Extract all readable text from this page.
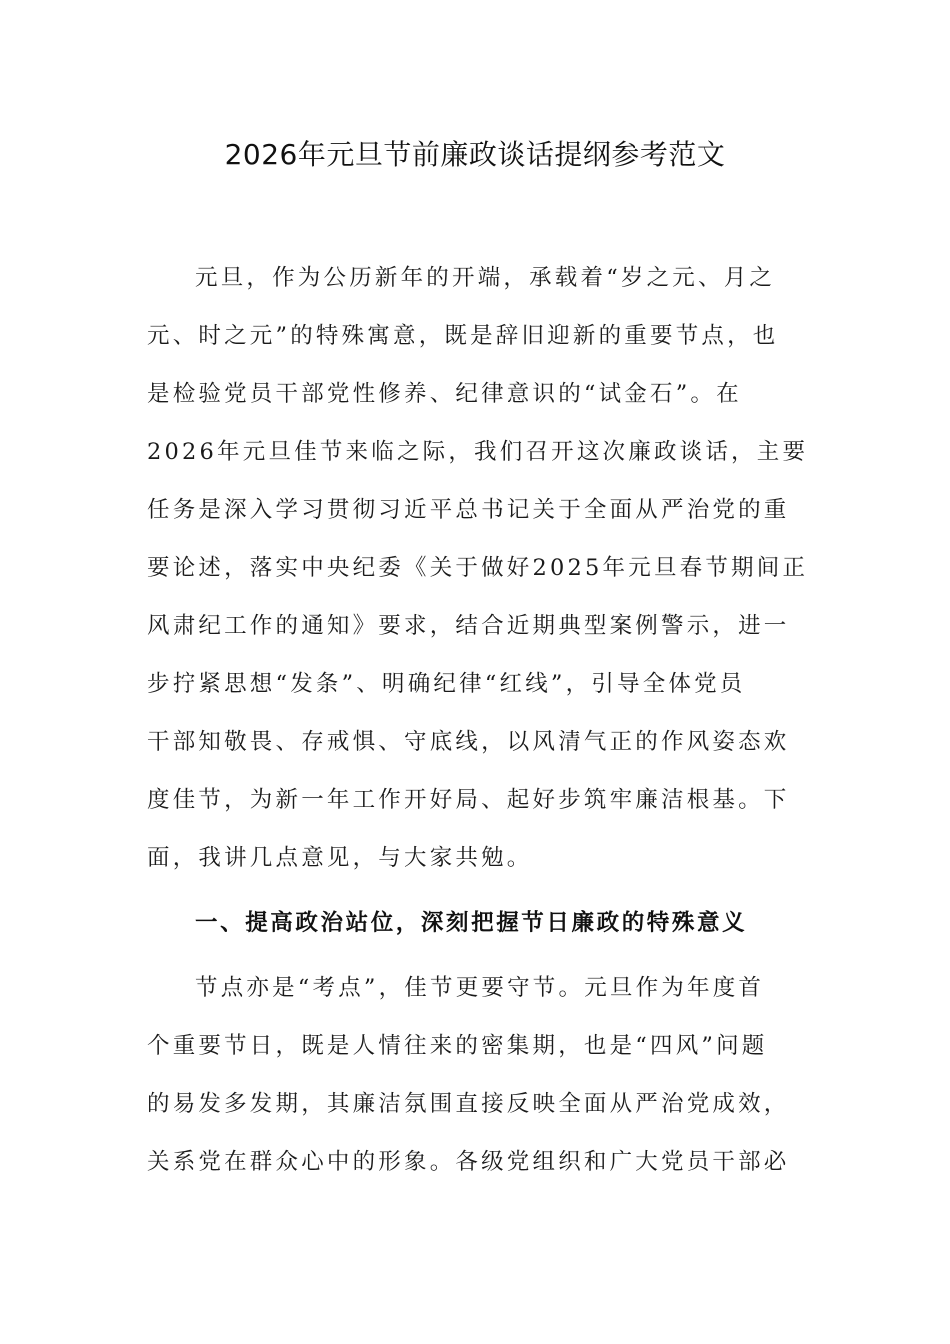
2026年元旦节前廉政谈话提纲参考范文
元旦，作为公历新年的开端，承载着“岁之元、月之
元、时之元”的特殊寓意，既是辞旧迎新的重要节点，也
是检验党员干部党性修养、纪律意识的“试金石”。在
2026年元旦佳节来临之际，我们召开这次廉政谈话，主要
任务是深入学习贯彻习近平总书记关于全面从严治党的重
要论述，落实中央纪委《关于做好2025年元旦春节期间正
风肃纪工作的通知》要求，结合近期典型案例警示，进一
步拧紧思想“发条”、明确纪律“红线”，引导全体党员
干部知敬畏、存戒惧、守底线，以风清气正的作风姿态欢
度佳节，为新一年工作开好局、起好步筑牢廉洁根基。下
面，我讲几点意见，与大家共勉。
一、提高政治站位，深刻把握节日廉政的特殊意义
节点亦是“考点”，佳节更要守节。元旦作为年度首
个重要节日，既是人情往来的密集期，也是“四风”问题
的易发多发期，其廉洁氛围直接反映全面从严治党成效，
关系党在群众心中的形象。各级党组织和广大党员干部必
